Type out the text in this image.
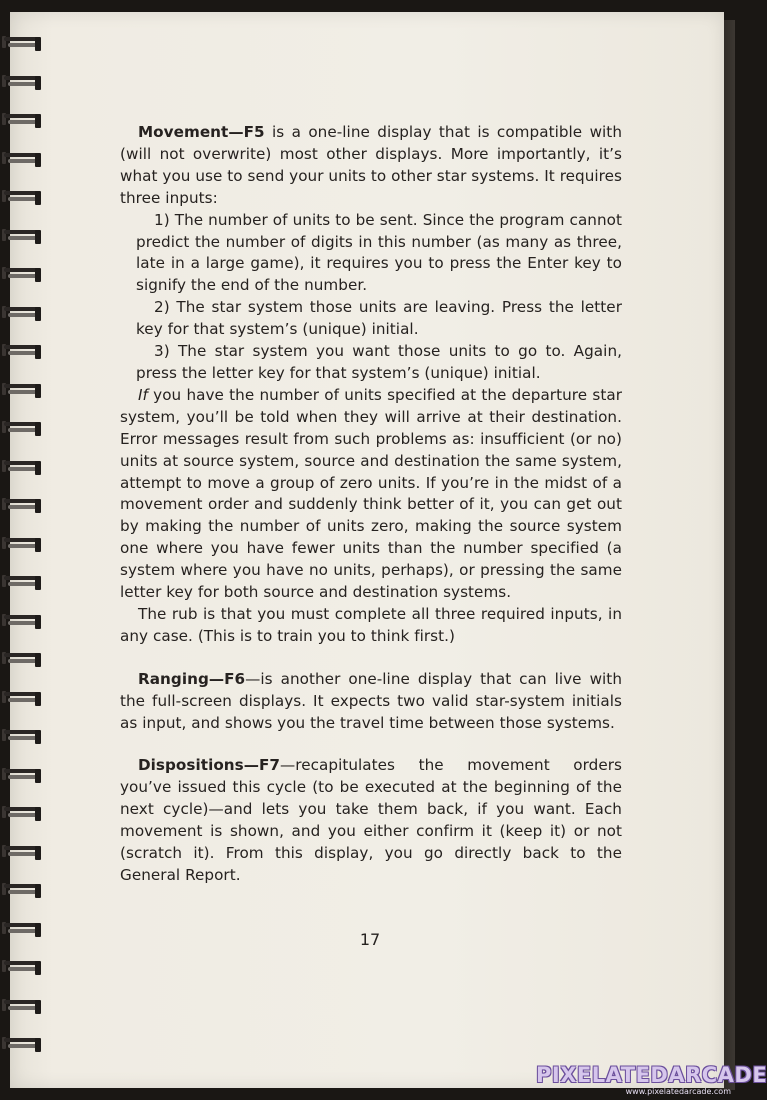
Movement—F5 is a one-line display that is compatible with (will not overwrite) most other displays. More importantly, it’s what you use to send your units to other star systems. It requires three inputs:

1) The number of units to be sent. Since the program cannot predict the number of digits in this number (as many as three, late in a large game), it requires you to press the Enter key to signify the end of the number.

2) The star system those units are leaving. Press the letter key for that system’s (unique) initial.

3) The star system you want those units to go to. Again, press the letter key for that system’s (unique) initial.

If you have the number of units specified at the departure star system, you’ll be told when they will arrive at their destination. Error messages result from such problems as: insufficient (or no) units at source system, source and destination the same system, attempt to move a group of zero units. If you’re in the midst of a movement order and suddenly think better of it, you can get out by making the number of units zero, making the source system one where you have fewer units than the number specified (a system where you have no units, perhaps), or pressing the same letter key for both source and destination systems.

The rub is that you must complete all three required inputs, in any case. (This is to train you to think first.)

Ranging—F6—is another one-line display that can live with the full-screen displays. It expects two valid star-system initials as input, and shows you the travel time between those systems.

Dispositions—F7—recapitulates the movement orders you’ve issued this cycle (to be executed at the beginning of the next cycle)—and lets you take them back, if you want. Each movement is shown, and you either confirm it (keep it) or not (scratch it). From this display, you go directly back to the General Report.

17
PIXELATEDARCADE
www.pixelatedarcade.com
